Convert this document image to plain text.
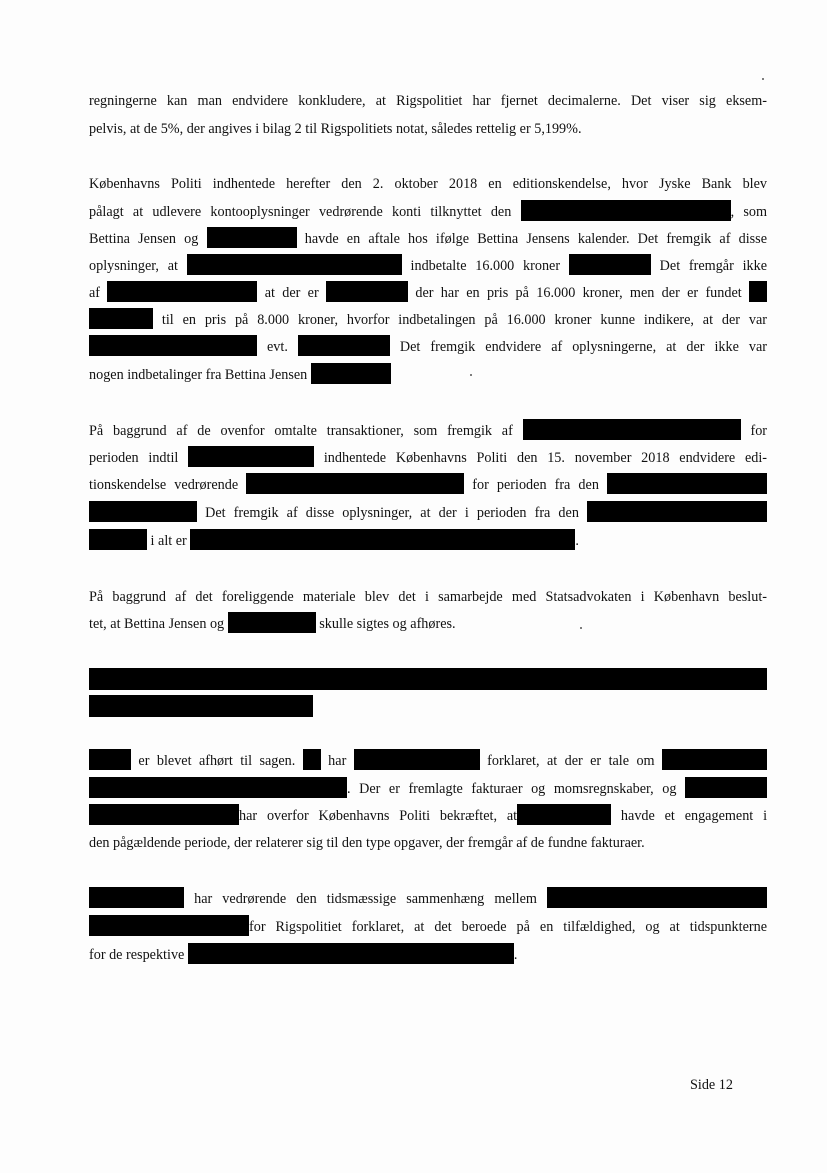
regningerne kan man endvidere konkludere, at Rigspolitiet har fjernet decimalerne. Det viser sig eksem-
pelvis, at de 5%, der angives i bilag 2 til Rigspolitiets notat, således rettelig er 5,199%.
Københavns Politi indhentede herefter den 2. oktober 2018 en editionskendelse, hvor Jyske Bank blev
pålagt at udlevere kontooplysninger vedrørende konti tilknyttet den	, som
Bettina Jensen og	havde en aftale hos ifølge Bettina Jensens kalender. Det fremgik af disse
oplysninger, at	indbetalte 16.000 kroner	Det fremgår ikke
af	at der er	der har en pris på 16.000 kroner, men der er fundet
til en pris på 8.000 kroner, hvorfor indbetalingen på 16.000 kroner kunne indikere, at der var
evt.	Det fremgik endvidere af oplysningerne, at der ikke var
nogen indbetalinger fra Bettina Jensen
På baggrund af de ovenfor omtalte transaktioner, som fremgik af	for
perioden indtil	indhentede Københavns Politi den 15. november 2018 endvidere edi-
tionskendelse vedrørende	for perioden fra den
Det fremgik af disse oplysninger, at der i perioden fra den
i alt er	.
På baggrund af det foreliggende materiale blev det i samarbejde med Statsadvokaten i København beslut-
tet, at Bettina Jensen og	skulle sigtes og afhøres.
er blevet afhørt til sagen. har	forklaret, at der er tale om
. Der er fremlagte fakturaer og momsregnskaber, og
har overfor Københavns Politi bekræftet, at	havde et engagement i
den pågældende periode, der relaterer sig til den type opgaver, der fremgår af de fundne fakturaer.
har vedrørende den tidsmæssige sammenhæng mellem
for Rigspolitiet forklaret, at det beroede på en tilfældighed, og at tidspunkterne
for de respektive	.
Side 12
